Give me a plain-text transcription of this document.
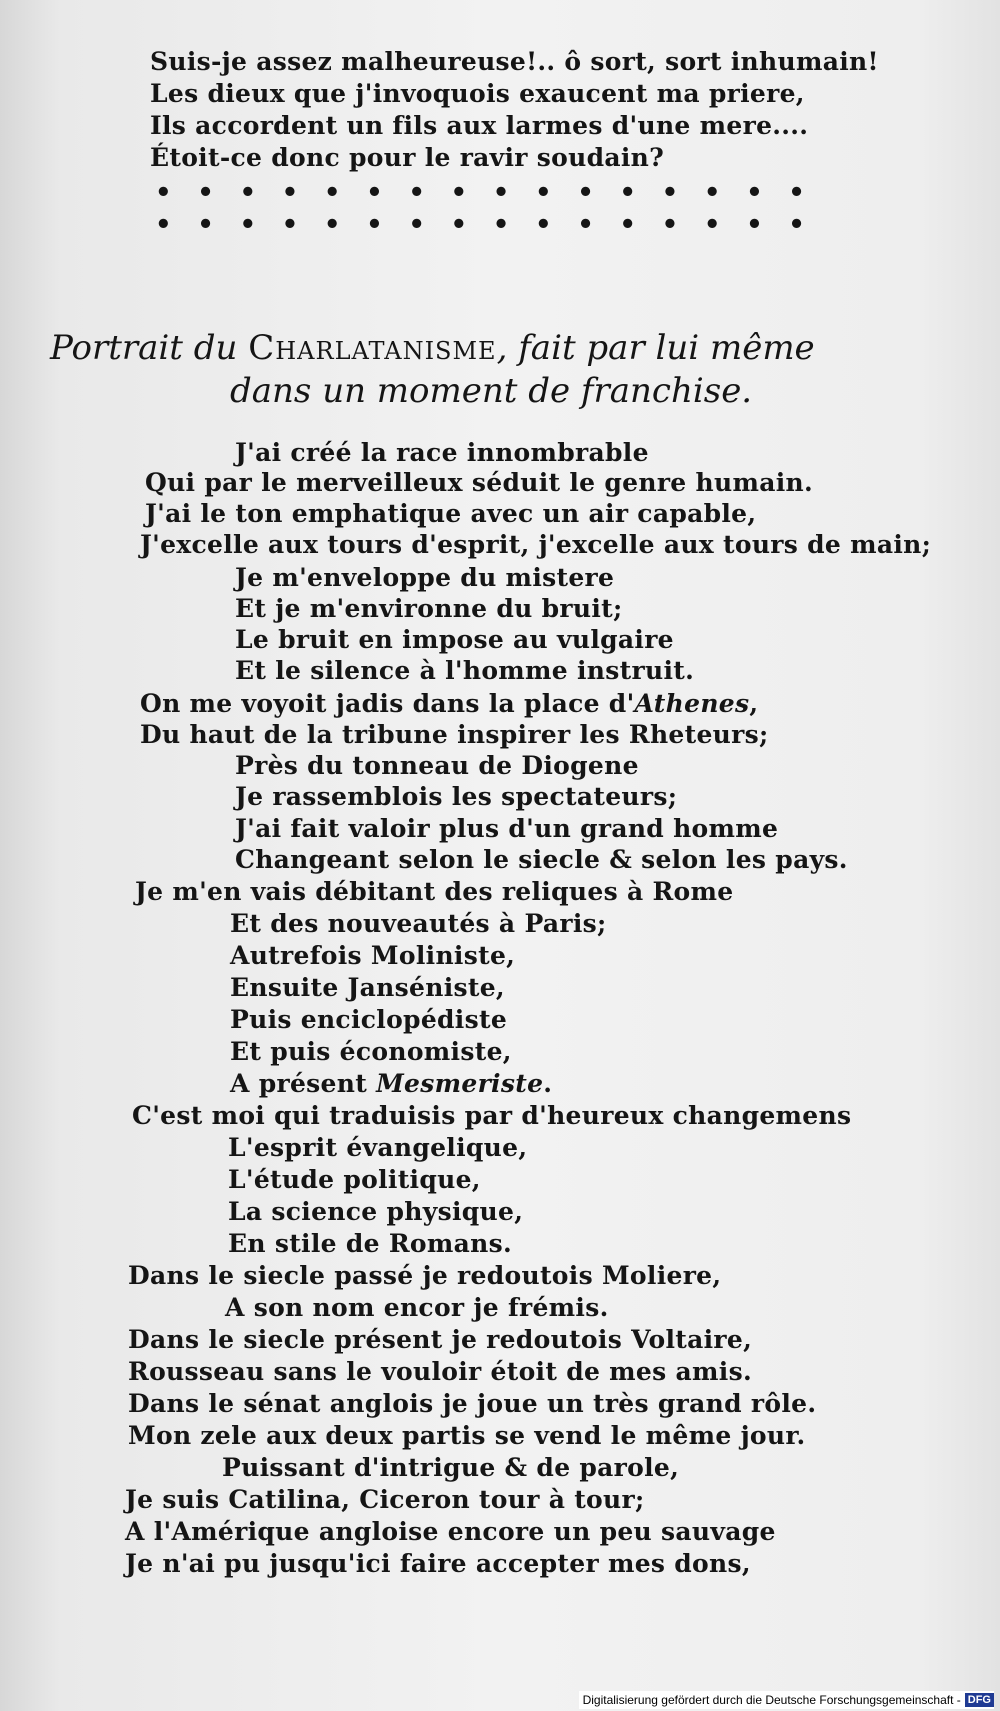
Suis-je assez malheureuse!.. ô sort, sort inhumain!
Les dieux que j'invoquois exaucent ma priere,
Ils accordent un fils aux larmes d'une mere....
Étoit-ce donc pour le ravir soudain?
• • • • • • • • • • • • • • • •
• • • • • • • • • • • • • • • •
Portrait du Charlatanisme, fait par lui même
dans un moment de franchise.
J'ai créé la race innombrable
Qui par le merveilleux séduit le genre humain.
J'ai le ton emphatique avec un air capable,
J'excelle aux tours d'esprit, j'excelle aux tours de main;
Je m'enveloppe du mistere
Et je m'environne du bruit;
Le bruit en impose au vulgaire
Et le silence à l'homme instruit.
On me voyoit jadis dans la place d'Athenes,
Du haut de la tribune inspirer les Rheteurs;
Près du tonneau de Diogene
Je rassemblois les spectateurs;
J'ai fait valoir plus d'un grand homme
Changeant selon le siecle & selon les pays.
Je m'en vais débitant des reliques à Rome
Et des nouveautés à Paris;
Autrefois Moliniste,
Ensuite Janséniste,
Puis enciclopédiste
Et puis économiste,
A présent Mesmeriste.
C'est moi qui traduisis par d'heureux changemens
L'esprit évangelique,
L'étude politique,
La science physique,
En stile de Romans.
Dans le siecle passé je redoutois Moliere,
A son nom encor je frémis.
Dans le siecle présent je redoutois Voltaire,
Rousseau sans le vouloir étoit de mes amis.
Dans le sénat anglois je joue un très grand rôle.
Mon zele aux deux partis se vend le même jour.
Puissant d'intrigue & de parole,
Je suis Catilina, Ciceron tour à tour;
A l'Amérique angloise encore un peu sauvage
Je n'ai pu jusqu'ici faire accepter mes dons,
Digitalisierung gefördert durch die Deutsche Forschungsgemeinschaft - DFG
